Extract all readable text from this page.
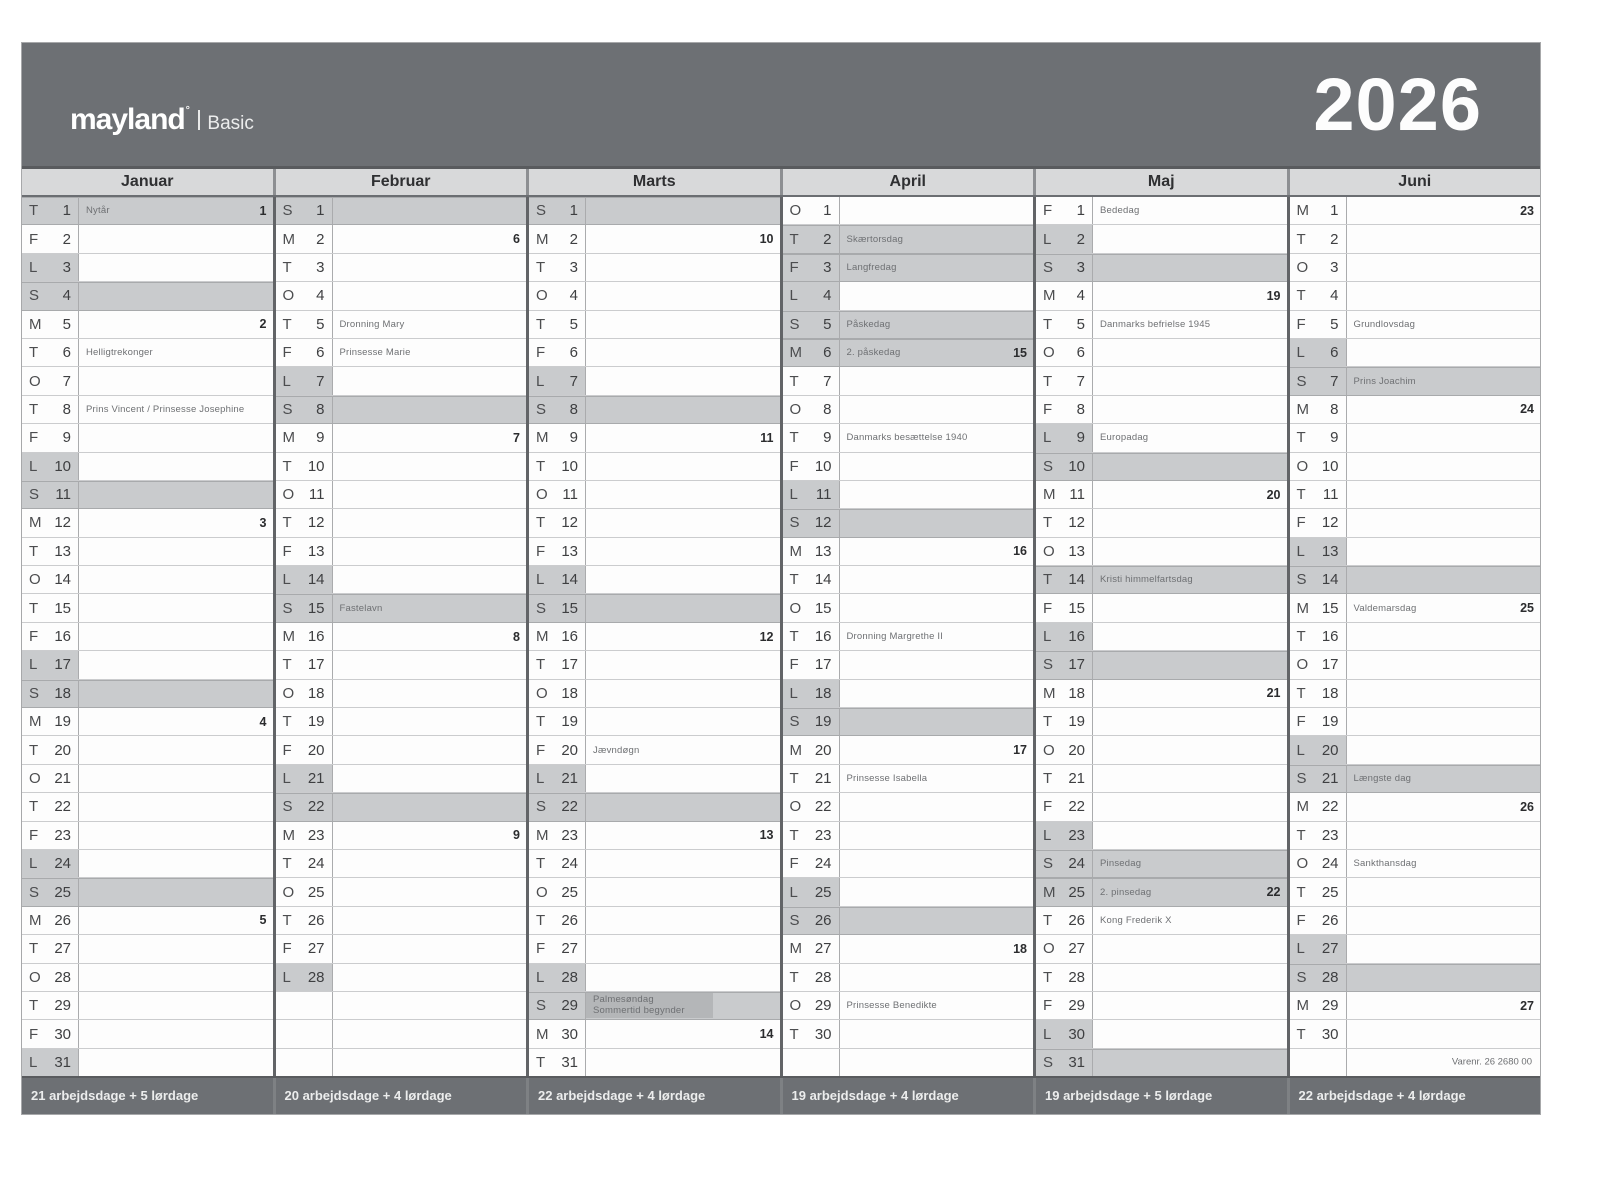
mayland ˚
Basic	2026
Januar	Februar	Marts	April	Maj	Juni
T	1	Nytår	1
F	2
L	3
S	4
M	5	2
T	6	Helligtrekonger
O	7
T	8	Prins Vincent / Prinsesse Josephine
F	9
L	10
S	11
M 12	3
T	13
O 14
T	15
F	16
L	17
S	18
M 19	4
T	20
O 21
T	22
F	23
L	24
S	25
M 26	5
T	27
O 28
T	29
F	30
L	31
S	1
M	2	6
T	3
O	4
T	5	Dronning Mary
F	6	Prinsesse Marie
L	7
S	8
M	9	7
T	10
O 11
T	12
F	13
L	14
S	15	Fastelavn
M 16	8
T	17
O 18
T	19
F	20
L	21
S	22
M 23	9
T	24
O 25
T	26
F	27
L	28
S	1
M	2	10
T	3
O	4
T	5
F	6
L	7
S	8
M	9	11
T	10
O 11
T	12
F	13
L	14
S	15
M 16	12
T	17
O 18
T	19
F	20	Jævndøgn
L	21
S	22
M 23	13
T	24
O 25
T	26
F	27
L	28
S	29	Palmesøndag
Sommertid begynder
M 30	14
T	31
O	1
T	2	Skærtorsdag
F	3	Langfredag
L	4
S	5	Påskedag
M	6	2. påskedag	15
T	7
O	8
T	9	Danmarks besættelse 1940
F	10
L	11
S	12
M 13	16
T	14
O 15
T	16	Dronning Margrethe II
F	17
L	18
S	19
M 20	17
T	21	Prinsesse Isabella
O 22
T	23
F	24
L	25
S	26
M 27	18
T	28
O 29	Prinsesse Benedikte
T	30
F	1	Bededag
L	2
S	3
M	4	19
T	5	Danmarks befrielse 1945
O	6
T	7
F	8
L	9	Europadag
S	10
M 11	20
T	12
O 13
T	14	Kristi himmelfartsdag
F	15
L	16
S	17
M 18	21
T	19
O 20
T	21
F	22
L	23
S	24	Pinsedag
M 25	2. pinsedag	22
T	26	Kong Frederik X
O 27
T	28
F	29
L	30
S	31
M	1	23
T	2
O	3
T	4
F	5	Grundlovsdag
L	6
S	7	Prins Joachim
M	8	24
T	9
O 10
T	11
F	12
L	13
S	14
M 15	Valdemarsdag	25
T	16
O 17
T	18
F	19
L	20
S	21	Længste dag
M 22	26
T	23
O 24	Sankthansdag
T	25
F	26
L	27
S	28
M 29	27
T	30
Varenr. 26 2680 00
21 arbejdsdage + 5 lørdage	20 arbejdsdage + 4 lørdage	22 arbejdsdage + 4 lørdage	19 arbejdsdage + 4 lørdage	19 arbejdsdage + 5 lørdage	22 arbejdsdage + 4 lørdage
